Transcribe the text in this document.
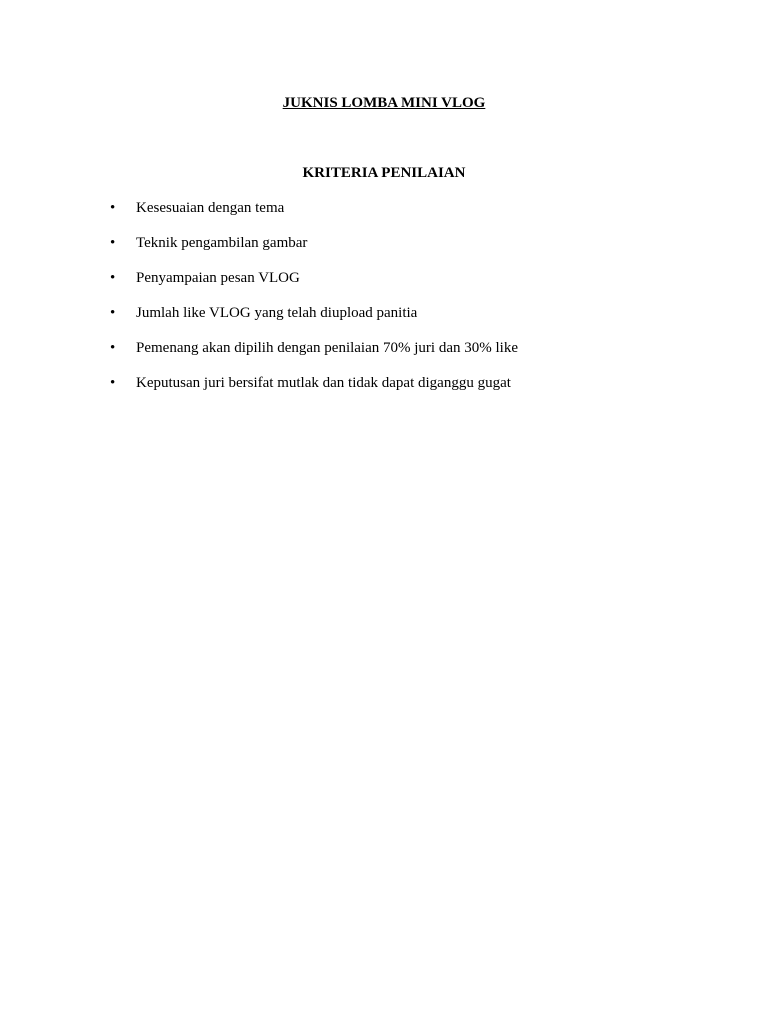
JUKNIS LOMBA MINI VLOG
KRITERIA PENILAIAN
• Kesesuaian dengan tema
• Teknik pengambilan gambar
• Penyampaian pesan VLOG
• Jumlah like VLOG yang telah diupload panitia
• Pemenang akan dipilih dengan penilaian 70% juri dan 30% like
• Keputusan juri bersifat mutlak dan tidak dapat diganggu gugat
